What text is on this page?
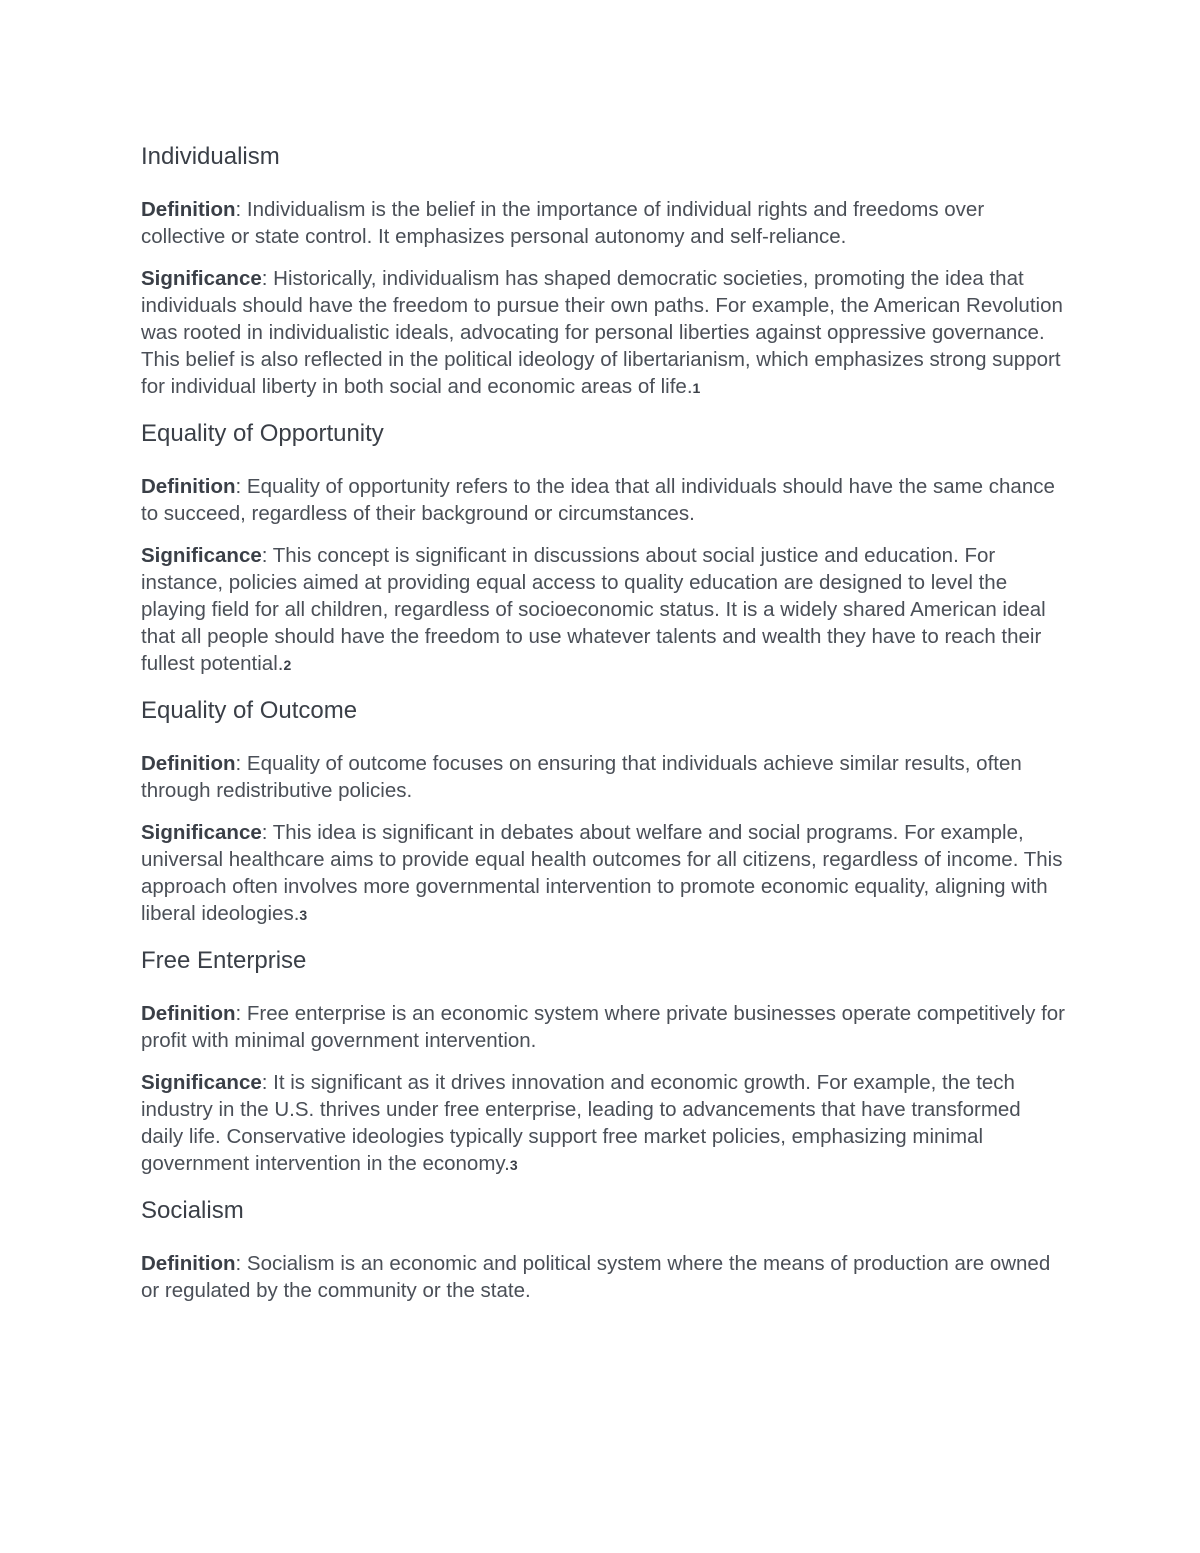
Individualism

Definition: Individualism is the belief in the importance of individual rights and freedoms over collective or state control. It emphasizes personal autonomy and self-reliance.

Significance: Historically, individualism has shaped democratic societies, promoting the idea that individuals should have the freedom to pursue their own paths. For example, the American Revolution was rooted in individualistic ideals, advocating for personal liberties against oppressive governance. This belief is also reflected in the political ideology of libertarianism, which emphasizes strong support for individual liberty in both social and economic areas of life.1

Equality of Opportunity

Definition: Equality of opportunity refers to the idea that all individuals should have the same chance to succeed, regardless of their background or circumstances.

Significance: This concept is significant in discussions about social justice and education. For instance, policies aimed at providing equal access to quality education are designed to level the playing field for all children, regardless of socioeconomic status. It is a widely shared American ideal that all people should have the freedom to use whatever talents and wealth they have to reach their fullest potential.2

Equality of Outcome

Definition: Equality of outcome focuses on ensuring that individuals achieve similar results, often through redistributive policies.

Significance: This idea is significant in debates about welfare and social programs. For example, universal healthcare aims to provide equal health outcomes for all citizens, regardless of income. This approach often involves more governmental intervention to promote economic equality, aligning with liberal ideologies.3

Free Enterprise

Definition: Free enterprise is an economic system where private businesses operate competitively for profit with minimal government intervention.

Significance: It is significant as it drives innovation and economic growth. For example, the tech industry in the U.S. thrives under free enterprise, leading to advancements that have transformed daily life. Conservative ideologies typically support free market policies, emphasizing minimal government intervention in the economy.3

Socialism

Definition: Socialism is an economic and political system where the means of production are owned or regulated by the community or the state.
